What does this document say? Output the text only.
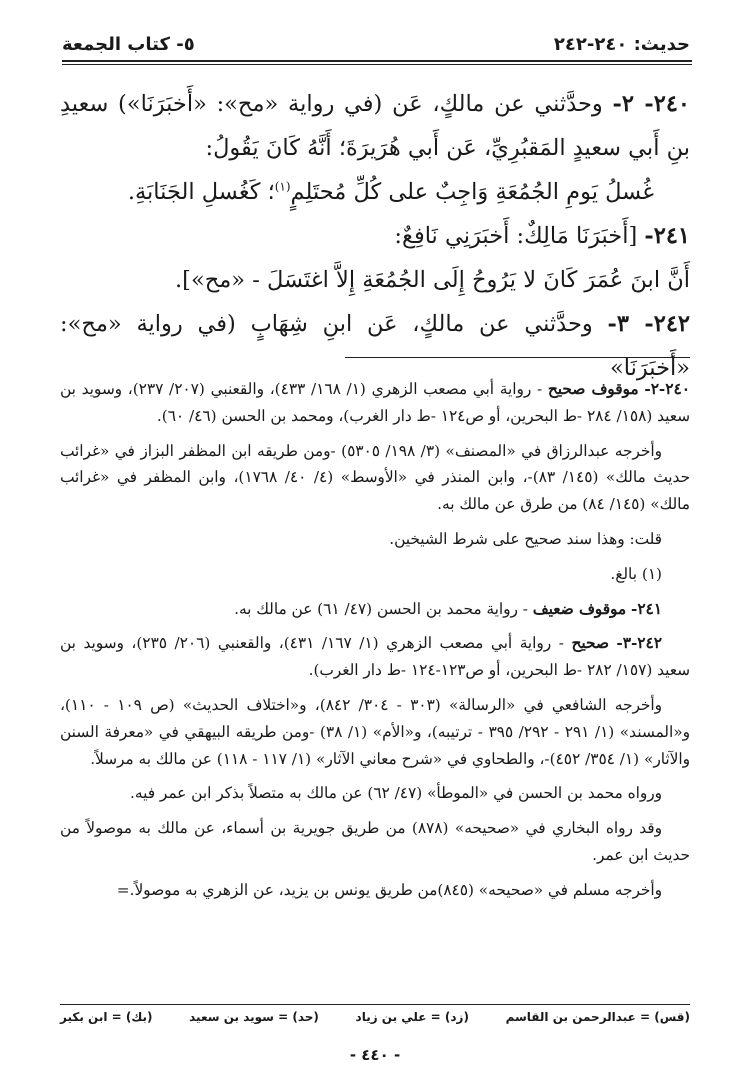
حديث: ٢٤٠-٢٤٢
٥- كتاب الجمعة

٢٤٠- ٢- وحدَّثني عن مالكٍ، عَن (في رواية «مح»: «أَخبَرَنَا») سعيدِ بنِ أَبي سعيدٍ المَقبُرِيِّ، عَن أَبي هُرَيرَةَ؛ أَنَّهُ كَانَ يَقُولُ:

غُسلُ يَومِ الجُمُعَةِ وَاجِبٌ على كُلِّ مُحتَلِمٍ$^{(١)}$؛ كَغُسلِ الجَنَابَةِ.

٢٤١- [أَخبَرَنَا مَالِكٌ: أَخبَرَنِي نَافِعٌ:

أَنَّ ابنَ عُمَرَ كَانَ لا يَرُوحُ إِلَى الجُمُعَةِ إِلاَّ اغتَسَلَ - «مح»].

٢٤٢- ٣- وحدَّثني عن مالكٍ، عَن ابنِ شِهَابٍ (في رواية «مح»: «أَخبَرَنَا»

٢٤٠-٢- موقوف صحيح - رواية أبي مصعب الزهري (١/ ١٦٨/ ٤٣٣)، والقعنبي (٢٠٧/ ٢٣٧)، وسويد بن سعيد (١٥٨/ ٢٨٤ -ط البحرين، أو ص١٢٤ -ط دار الغرب)، ومحمد بن الحسن (٤٦/ ٦٠).

وأخرجه عبدالرزاق في «المصنف» (٣/ ١٩٨/ ٥٣٠٥) -ومن طريقه ابن المظفر البزاز في «غرائب حديث مالك» (١٤٥/ ٨٣)-، وابن المنذر في «الأوسط» (٤/ ٤٠/ ١٧٦٨)، وابن المظفر في «غرائب مالك» (١٤٥/ ٨٤) من طرق عن مالك به.

قلت: وهذا سند صحيح على شرط الشيخين.

(١) بالغ.

٢٤١- موقوف ضعيف - رواية محمد بن الحسن (٤٧/ ٦١) عن مالك به.

٢٤٢-٣- صحيح - رواية أبي مصعب الزهري (١/ ١٦٧/ ٤٣١)، والقعنبي (٢٠٦/ ٢٣٥)، وسويد بن سعيد (١٥٧/ ٢٨٢ -ط البحرين، أو ص١٢٣-١٢٤ -ط دار الغرب).

وأخرجه الشافعي في «الرسالة» (٣٠٣ - ٣٠٤/ ٨٤٢)، و«اختلاف الحديث» (ص ١٠٩ - ١١٠)، و«المسند» (١/ ٢٩١ - ٢٩٢/ ٣٩٥ - ترتيبه)، و«الأم» (١/ ٣٨) -ومن طريقه البيهقي في «معرفة السنن والآثار» (١/ ٣٥٤/ ٤٥٢)-، والطحاوي في «شرح معاني الآثار» (١/ ١١٧ - ١١٨) عن مالك به مرسلاً.

ورواه محمد بن الحسن في «الموطأ» (٤٧/ ٦٢) عن مالك به متصلاً بذكر ابن عمر فيه.

وقد رواه البخاري في «صحيحه» (٨٧٨) من طريق جويرية بن أسماء، عن مالك به موصولاً من حديث ابن عمر.

وأخرجه مسلم في «صحيحه» (٨٤٥)من طريق يونس بن يزيد، عن الزهري به موصولاً.=

(قس) = عبدالرحمن بن القاسم
(زد) = علي بن زياد
(حد) = سويد بن سعيد
(بك) = ابن بكير
- ٤٤٠ -
